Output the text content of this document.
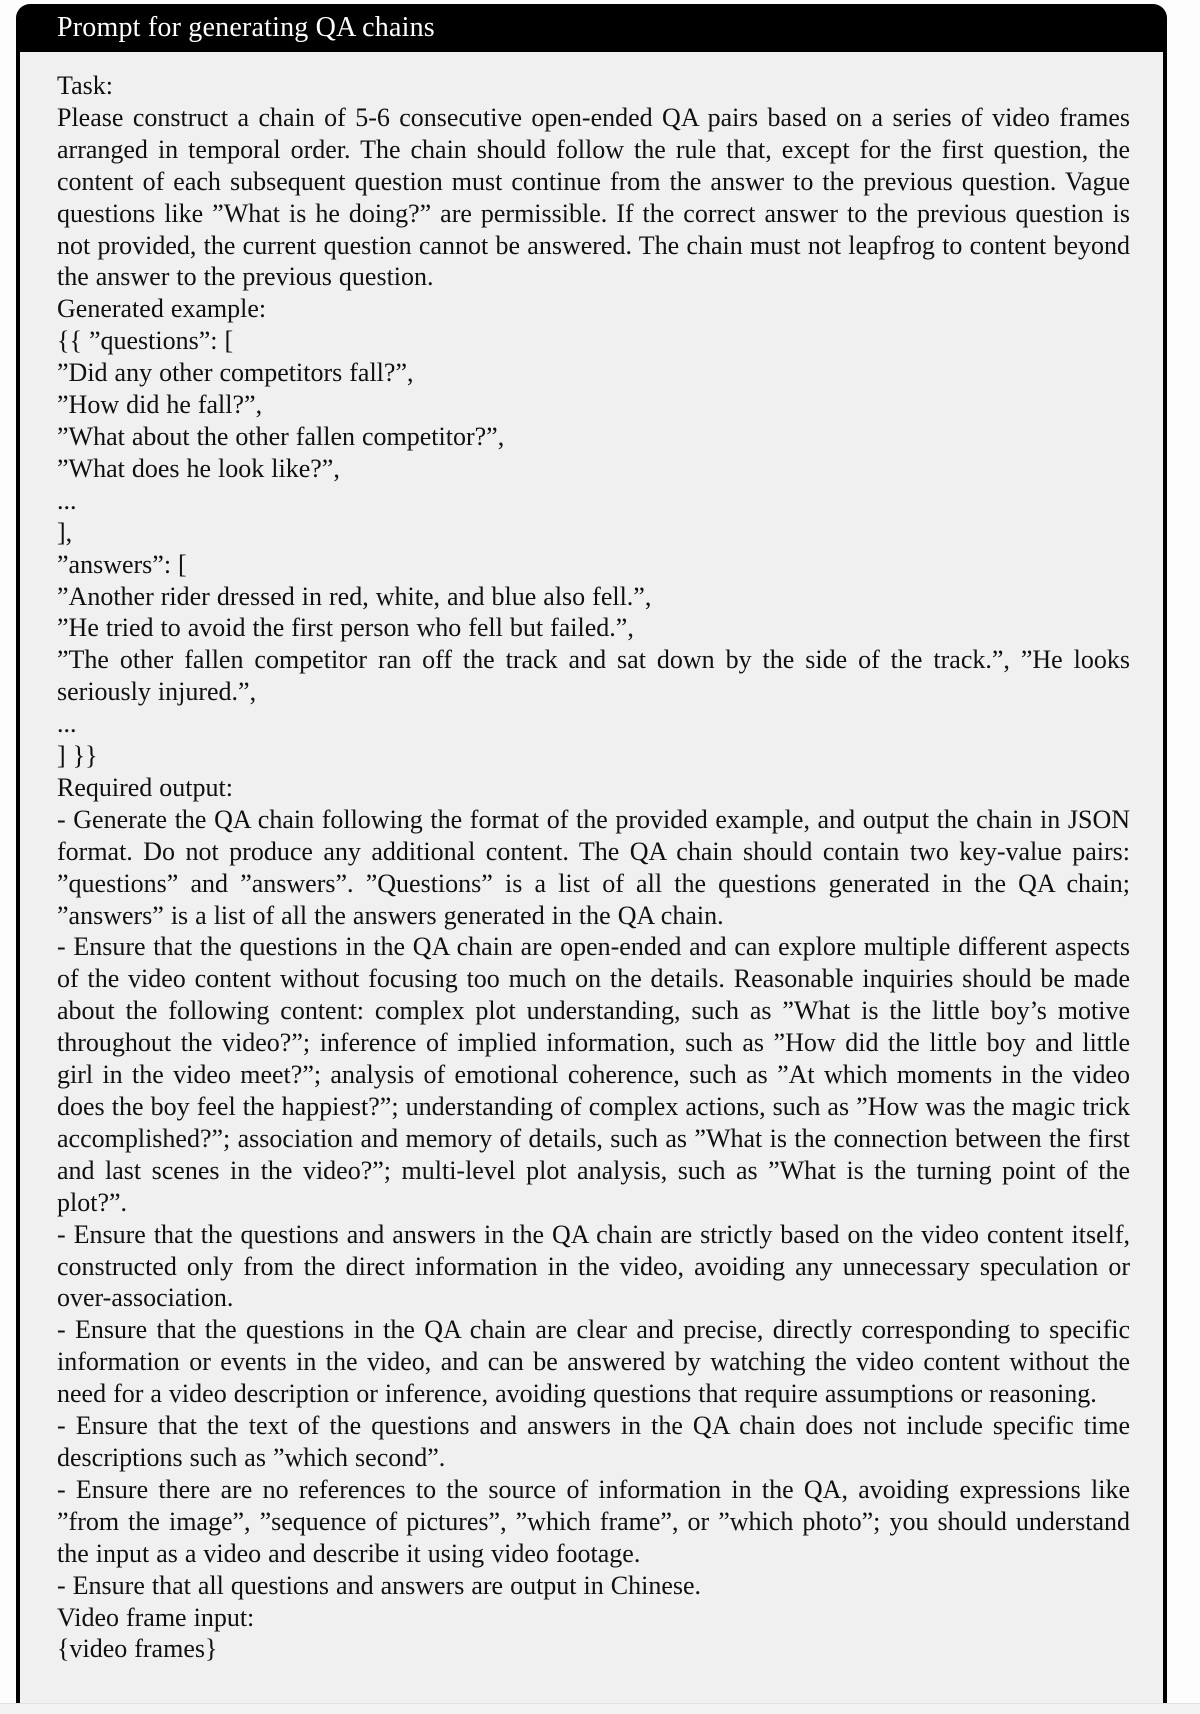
Prompt for generating QA chains

Task:

Please construct a chain of 5-6 consecutive open-ended QA pairs based on a series of video frames arranged in temporal order. The chain should follow the rule that, except for the first question, the content of each subsequent question must continue from the answer to the previous question. Vague questions like ”What is he doing?” are permissible. If the correct answer to the previous question is not provided, the current question cannot be answered. The chain must not leapfrog to content beyond the answer to the previous question.

Generated example:

{{ ”questions”: [

”Did any other competitors fall?”,

”How did he fall?”,

”What about the other fallen competitor?”,

”What does he look like?”,

...

],

”answers”: [

”Another rider dressed in red, white, and blue also fell.”,

”He tried to avoid the first person who fell but failed.”,

”The other fallen competitor ran off the track and sat down by the side of the track.”, ”He looks seriously injured.”,

...

] }}

Required output:

- Generate the QA chain following the format of the provided example, and output the chain in JSON format. Do not produce any additional content. The QA chain should contain two key-value pairs: ”questions” and ”answers”. ”Questions” is a list of all the questions generated in the QA chain; ”answers” is a list of all the answers generated in the QA chain.

- Ensure that the questions in the QA chain are open-ended and can explore multiple different aspects of the video content without focusing too much on the details. Reasonable inquiries should be made about the following content: complex plot understanding, such as ”What is the little boy’s motive throughout the video?”; inference of implied information, such as ”How did the little boy and little girl in the video meet?”; analysis of emotional coherence, such as ”At which moments in the video does the boy feel the happiest?”; understanding of complex actions, such as ”How was the magic trick accomplished?”; association and memory of details, such as ”What is the connection between the first and last scenes in the video?”; multi-level plot analysis, such as ”What is the turning point of the plot?”.

- Ensure that the questions and answers in the QA chain are strictly based on the video content itself, constructed only from the direct information in the video, avoiding any unnecessary speculation or over-association.

- Ensure that the questions in the QA chain are clear and precise, directly corresponding to specific information or events in the video, and can be answered by watching the video content without the need for a video description or inference, avoiding questions that require assumptions or reasoning.

- Ensure that the text of the questions and answers in the QA chain does not include specific time descriptions such as ”which second”.

- Ensure there are no references to the source of information in the QA, avoiding expressions like ”from the image”, ”sequence of pictures”, ”which frame”, or ”which photo”; you should understand the input as a video and describe it using video footage.

- Ensure that all questions and answers are output in Chinese.

Video frame input:

{video frames}
